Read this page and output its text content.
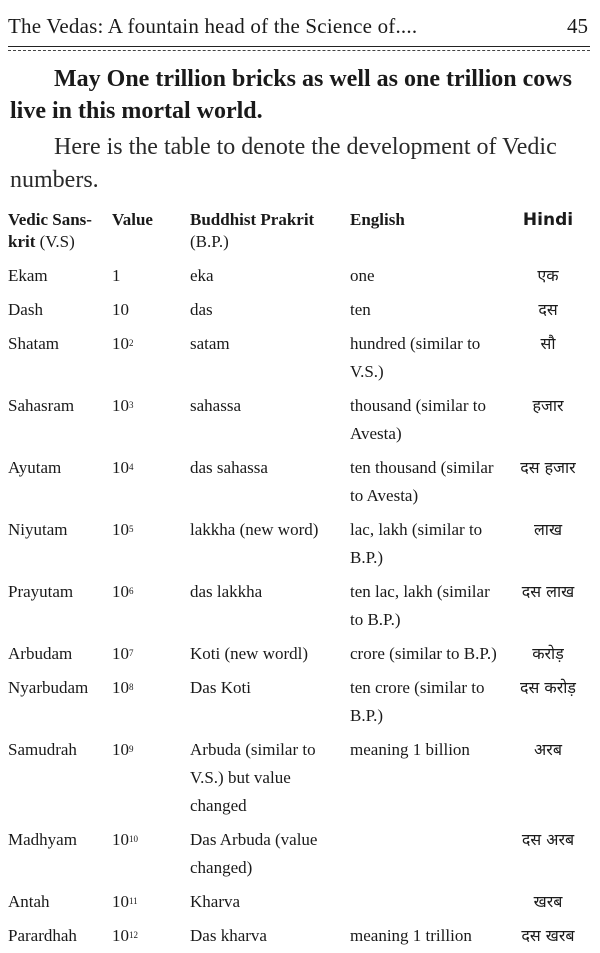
The Vedas: A fountain head of the Science of....	45
May One trillion bricks as well as one trillion cows live in this mortal world.
Here is the table to denote the development of Vedic numbers.
Vedic Sans-krit (V.S)	Value	Buddhist Prakrit (B.P.)	English	Hindi
Ekam	1	eka	one	एक
Dash	10	das	ten	दस
Shatam	$10^2$	satam	hundred (similar to V.S.)	सौ
Sahasram	$10^3$	sahassa	thousand (similar to Avesta)	हजार
Ayutam	$10^4$	das sahassa	ten thousand (similar to Avesta)	दस हजार
Niyutam	$10^5$	lakkha (new word)	lac, lakh (similar to B.P.)	लाख
Prayutam	$10^6$	das lakkha	ten lac, lakh (similar to B.P.)	दस लाख
Arbudam	$10^7$	Koti (new wordl)	crore (similar to B.P.)	करोड़
Nyarbudam	$10^8$	Das Koti	ten crore (similar to B.P.)	दस करोड़
Samudrah	$10^9$	Arbuda (similar to V.S.) but value changed	meaning 1 billion	अरब
Madhyam	$10^{10}$	Das Arbuda (value changed)		दस अरब
Antah	$10^{11}$	Kharva		खरब
Parardhah	$10^{12}$	Das kharva	meaning 1 trillion	दस खरब
